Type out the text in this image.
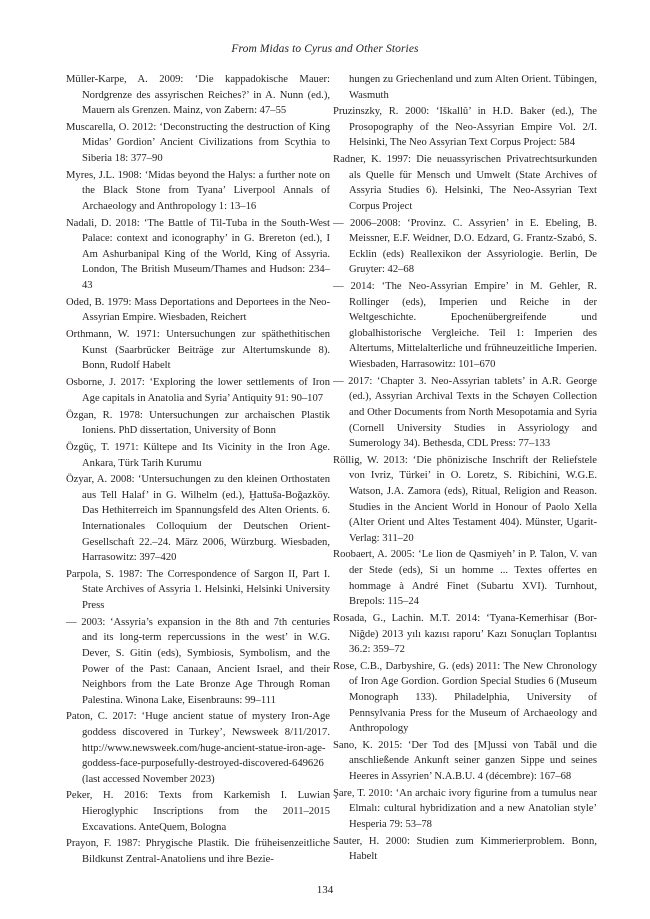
From Midas to Cyrus and Other Stories

Müller-Karpe, A. 2009: ‘Die kappadokische Mauer: Nordgrenze des assyrischen Reiches?’ in A. Nunn (ed.), Mauern als Grenzen. Mainz, von Zabern: 47–55

Muscarella, O. 2012: ‘Deconstructing the destruction of King Midas’ Gordion’ Ancient Civilizations from Scythia to Siberia 18: 377–90

Myres, J.L. 1908: ‘Midas beyond the Halys: a further note on the Black Stone from Tyana’ Liverpool Annals of Archaeology and Anthropology 1: 13–16

Nadali, D. 2018: ‘The Battle of Til-Tuba in the South-West Palace: context and iconography’ in G. Brereton (ed.), I Am Ashurbanipal King of the World, King of Assyria. London, The British Museum/Thames and Hudson: 234–43

Oded, B. 1979: Mass Deportations and Deportees in the Neo-Assyrian Empire. Wiesbaden, Reichert

Orthmann, W. 1971: Untersuchungen zur späthethitischen Kunst (Saarbrücker Beiträge zur Altertumskunde 8). Bonn, Rudolf Habelt

Osborne, J. 2017: ‘Exploring the lower settlements of Iron Age capitals in Anatolia and Syria’ Antiquity 91: 90–107

Özgan, R. 1978: Untersuchungen zur archaischen Plastik Ioniens. PhD dissertation, University of Bonn

Özgüç, T. 1971: Kültepe and Its Vicinity in the Iron Age. Ankara, Türk Tarih Kurumu

Özyar, A. 2008: ‘Untersuchungen zu den kleinen Orthostaten aus Tell Halaf’ in G. Wilhelm (ed.), Ḫattuša-Boğazköy. Das Hethiterreich im Spannungsfeld des Alten Orients. 6. Internationales Colloquium der Deutschen Orient-Gesellschaft 22.–24. März 2006, Würzburg. Wiesbaden, Harrasowitz: 397–420

Parpola, S. 1987: The Correspondence of Sargon II, Part I. State Archives of Assyria 1. Helsinki, Helsinki University Press

— 2003: ‘Assyria’s expansion in the 8th and 7th centuries and its long-term repercussions in the west’ in W.G. Dever, S. Gitin (eds), Symbiosis, Symbolism, and the Power of the Past: Canaan, Ancient Israel, and their Neighbors from the Late Bronze Age Through Roman Palestina. Winona Lake, Eisenbrauns: 99–111

Paton, C. 2017: ‘Huge ancient statue of mystery Iron-Age goddess discovered in Turkey’, Newsweek 8/11/2017. http://www.newsweek.com/huge-ancient-statue-iron-age-goddess-face-purposefully-destroyed-discovered-649626 (last accessed November 2023)

Peker, H. 2016: Texts from Karkemish I. Luwian Hieroglyphic Inscriptions from the 2011–2015 Excavations. AnteQuem, Bologna

Prayon, F. 1987: Phrygische Plastik. Die früheisenzeitliche Bildkunst Zentral-Anatoliens und ihre Bezie-

hungen zu Griechenland und zum Alten Orient. Tübingen, Wasmuth

Pruzinszky, R. 2000: ‘Iškallû’ in H.D. Baker (ed.), The Prosopography of the Neo-Assyrian Empire Vol. 2/I. Helsinki, The Neo Assyrian Text Corpus Project: 584

Radner, K. 1997: Die neuassyrischen Privatrechtsurkunden als Quelle für Mensch und Umwelt (State Archives of Assyria Studies 6). Helsinki, The Neo-Assyrian Text Corpus Project

— 2006–2008: ‘Provinz. C. Assyrien’ in E. Ebeling, B. Meissner, E.F. Weidner, D.O. Edzard, G. Frantz-Szabó, S. Ecklin (eds) Reallexikon der Assyriologie. Berlin, De Gruyter: 42–68

— 2014: ‘The Neo-Assyrian Empire’ in M. Gehler, R. Rollinger (eds), Imperien und Reiche in der Weltgeschichte. Epochenübergreifende und globalhistorische Vergleiche. Teil 1: Imperien des Altertums, Mittelalterliche und frühneuzeitliche Imperien. Wiesbaden, Harrasowitz: 101–670

— 2017: ‘Chapter 3. Neo-Assyrian tablets’ in A.R. George (ed.), Assyrian Archival Texts in the Schøyen Collection and Other Documents from North Mesopotamia and Syria (Cornell University Studies in Assyriology and Sumerology 34). Bethesda, CDL Press: 77–133

Röllig, W. 2013: ‘Die phönizische Inschrift der Reliefstele von Ivriz, Türkei’ in O. Loretz, S. Ribichini, W.G.E. Watson, J.A. Zamora (eds), Ritual, Religion and Reason. Studies in the Ancient World in Honour of Paolo Xella (Alter Orient und Altes Testament 404). Münster, Ugarit-Verlag: 311–20

Roobaert, A. 2005: ‘Le lion de Qasmiyeh’ in P. Talon, V. van der Stede (eds), Si un homme ... Textes offertes en hommage à André Finet (Subartu XVI). Turnhout, Brepols: 115–24

Rosada, G., Lachin. M.T. 2014: ‘Tyana-Kemerhisar (Bor-Niğde) 2013 yılı kazısı raporu’ Kazı Sonuçları Toplantısı 36.2: 359–72

Rose, C.B., Darbyshire, G. (eds) 2011: The New Chronology of Iron Age Gordion. Gordion Special Studies 6 (Museum Monograph 133). Philadelphia, University of Pennsylvania Press for the Museum of Archaeology and Anthropology

Sano, K. 2015: ‘Der Tod des [M]ussi von Tabāl und die anschließende Ankunft seiner ganzen Sippe und seines Heeres in Assyrien’ N.A.B.U. 4 (décembre): 167–68

Şare, T. 2010: ‘An archaic ivory figurine from a tumulus near Elmalı: cultural hybridization and a new Anatolian style’ Hesperia 79: 53–78

Sauter, H. 2000: Studien zum Kimmerierproblem. Bonn, Habelt

134
